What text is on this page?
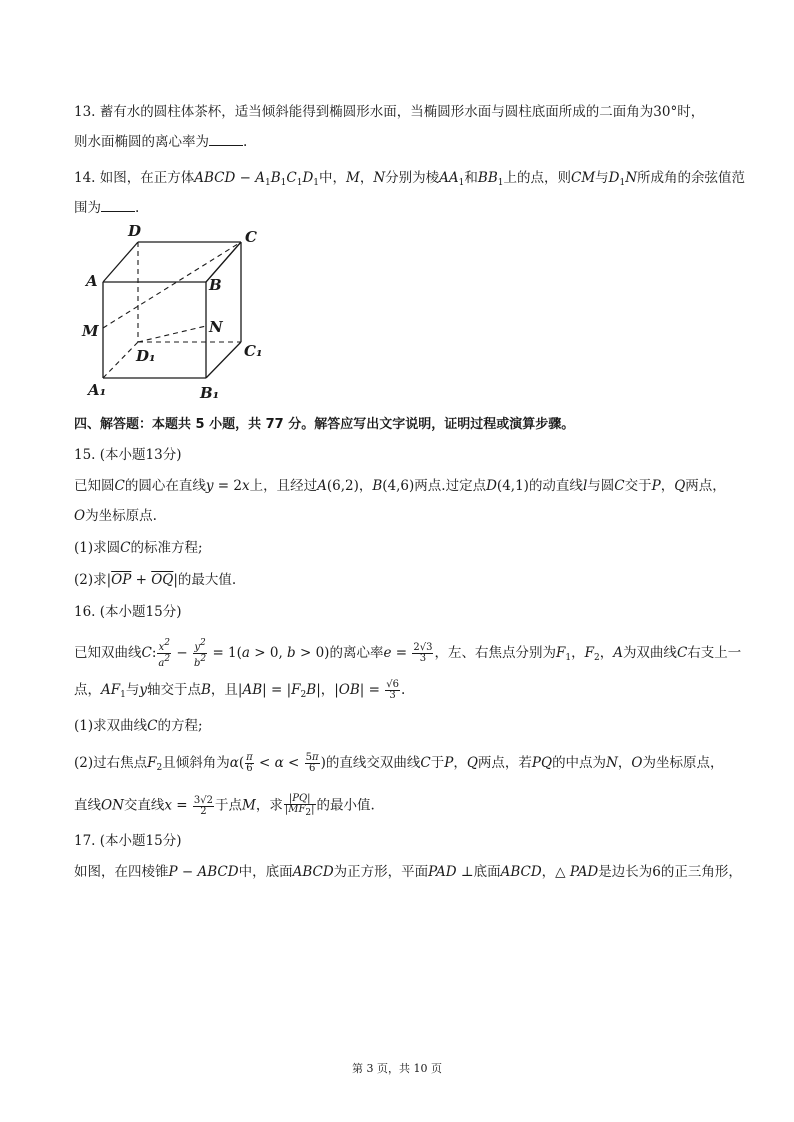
13. 蓄有水的圆柱体茶杯，适当倾斜能得到椭圆形水面，当椭圆形水面与圆柱底面所成的二面角为30°时，
则水面椭圆的离心率为	.
14. 如图，在正方体ABCD − $A_1B_1C_1D_1$中，M，N分别为棱$AA_1$和$BB_1$上的点，则CM与$D_1N$所成角的余弦值范
围为	.
D	C
A	B
M	N
D₁	C₁
A₁	B₁
四、解答题：本题共 5 小题，共 77 分。解答应写出文字说明，证明过程或演算步骤。
15. (本小题13分)
已知圆C的圆心在直线y = 2x上，且经过A(6,2)，B(4,6)两点.过定点D(4,1)的动直线l与圆C交于P，Q两点，
O为坐标原点.
(1)求圆C的标准方程;
(2)求$|\overline{OP} + \overline{OQ}|$的最大值.
16. (本小题15分)
已知双曲线C: $\frac{x^2}{a^2} - \frac{y^2}{b^2} = 1(a > 0$, b > 0)的离心率$e = \frac{2√3}{3}$ ，左、右焦点分别为$F_1$，$F_2$，A为双曲线C右支上一
点，$AF_1$与y轴交于点B，且$|AB| = |F_2B|$，$|OB| = \frac{√6}{3}$ .
(1)求双曲线C的方程;
(2)过右焦点$F_2$且倾斜角为$\alpha( \frac{\pi}{6} < \alpha < \frac{5\pi}{6}$ )的直线交双曲线C于P，Q两点，若PQ的中点为N，O为坐标原点，
直线ON交直线$x = \frac{3√2}{2}$ 于点M，求 $\frac{|PQ|}{|MF_2|}$ 的最小值.
17. (本小题15分)
如图，在四棱锥P − ABCD中，底面ABCD为正方形，平面PAD ⊥底面ABCD，△ PAD是边长为6的正三角形，
第 3 页，共 10 页
